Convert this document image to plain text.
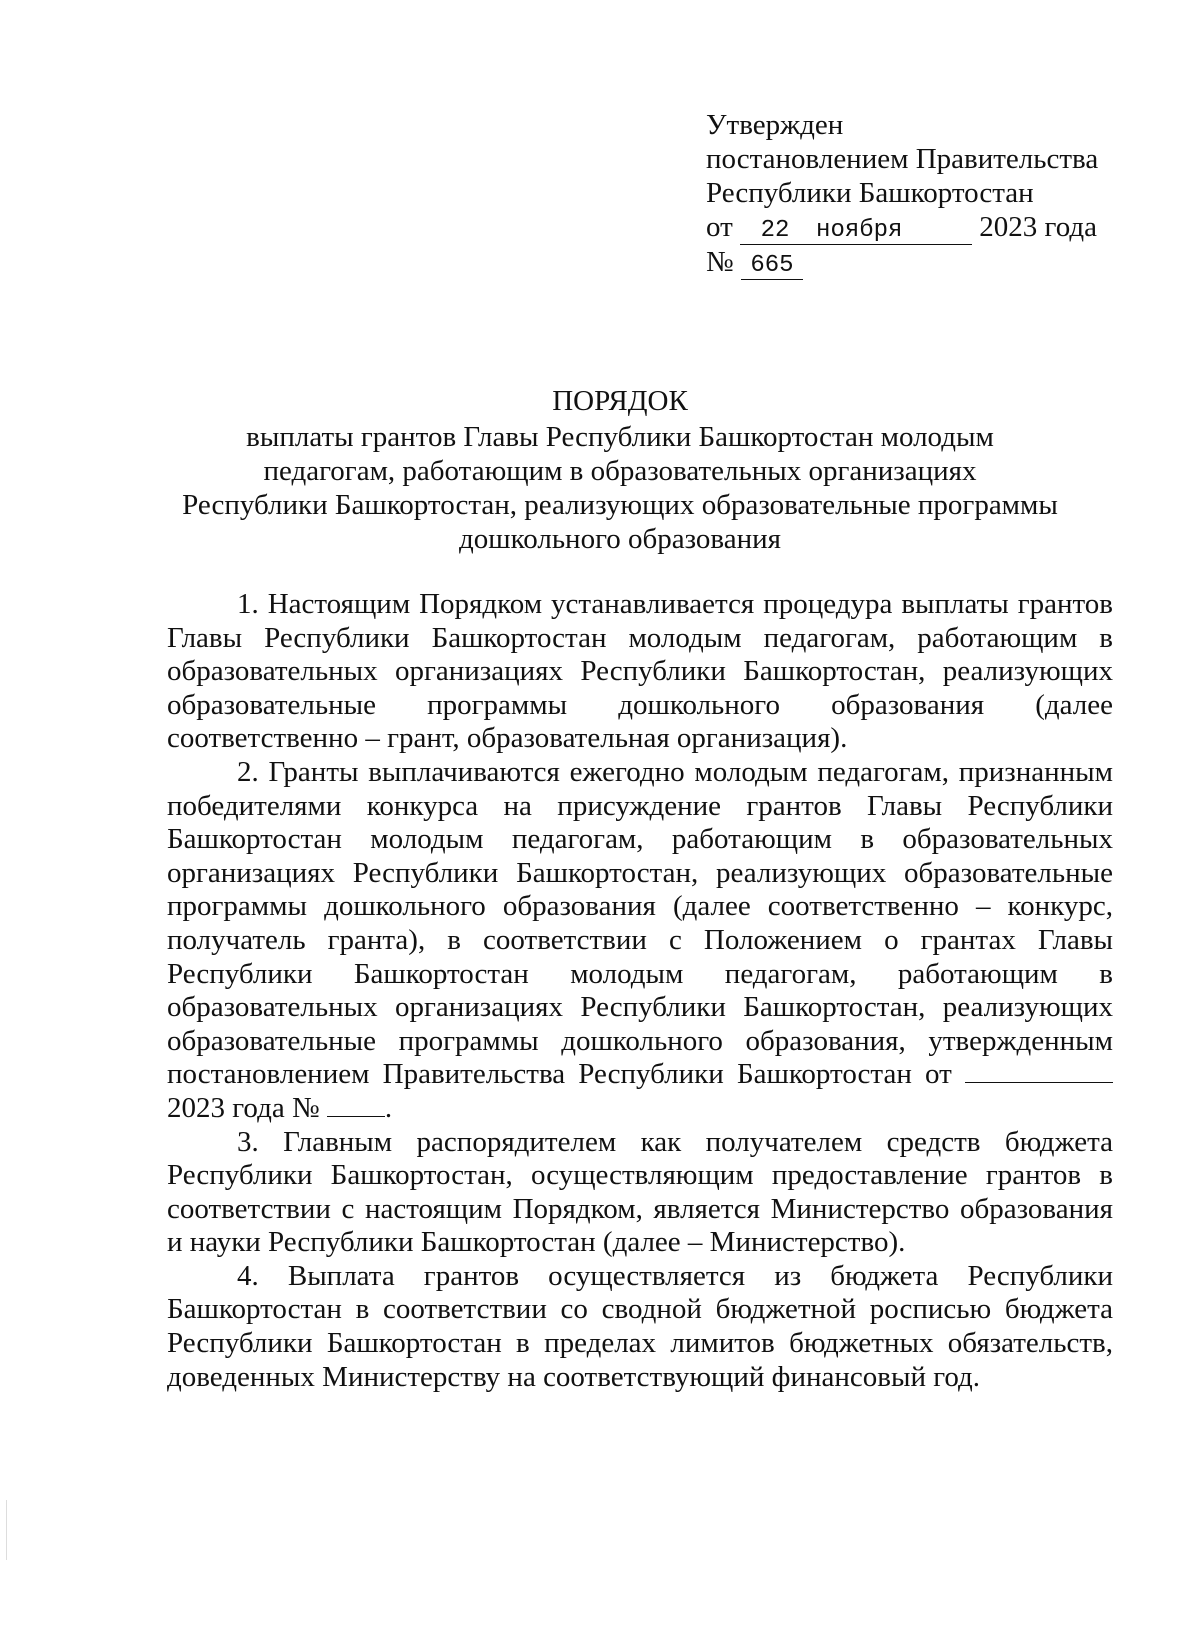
Утвержден
постановлением Правительства
Республики Башкортостан
от 22 ноября	2023 года
№ 665
ПОРЯДОК
выплаты грантов Главы Республики Башкортостан молодым
педагогам, работающим в образовательных организациях
Республики Башкортостан, реализующих образовательные программы
дошкольного образования

1. Настоящим Порядком устанавливается процедура выплаты грантов Главы Республики Башкортостан молодым педагогам, работающим в образовательных организациях Республики Башкортостан, реализующих образовательные программы дошкольного образования (далее соответственно – грант, образовательная организация).

2. Гранты выплачиваются ежегодно молодым педагогам, признанным победителями конкурса на присуждение грантов Главы Республики Башкортостан молодым педагогам, работающим в образовательных организациях Республики Башкортостан, реализующих образовательные программы дошкольного образования (далее соответственно – конкурс, получатель гранта), в соответствии с Положением о грантах Главы Республики Башкортостан молодым педагогам, работающим в образовательных организациях Республики Башкортостан, реализующих образовательные программы дошкольного образования, утвержденным постановлением Правительства Республики Башкортостан от 2023 года № .

3. Главным распорядителем как получателем средств бюджета Республики Башкортостан, осуществляющим предоставление грантов в соответствии с настоящим Порядком, является Министерство образования и науки Республики Башкортостан (далее – Министерство).

4. Выплата грантов осуществляется из бюджета Республики Башкортостан в соответствии со сводной бюджетной росписью бюджета Республики Башкортостан в пределах лимитов бюджетных обязательств, доведенных Министерству на соответствующий финансовый год.
